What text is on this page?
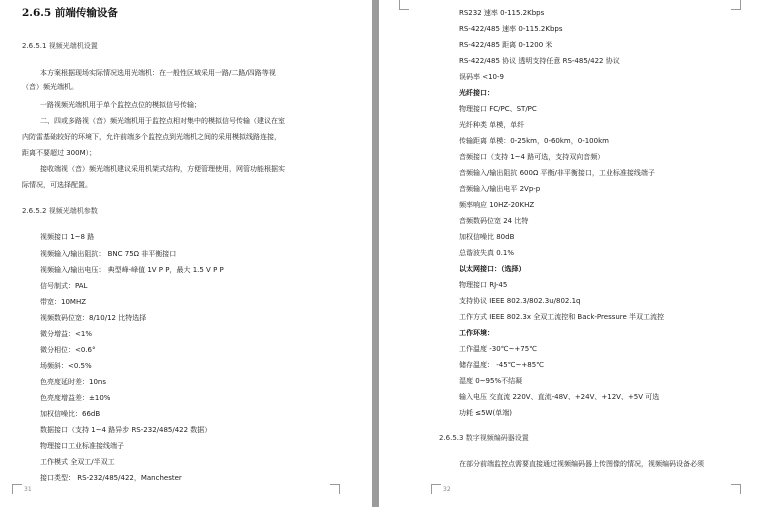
2.6.5 前端传输设备
2.6.5.1 视频光端机设置
本方案根据现场实际情况选用光端机：在一般性区域采用一路/二路/四路等视
（音）频光端机。
一路视频光端机用于单个监控点位的模拟信号传输；
二、四或多路视（音）频光端机用于监控点相对集中的模拟信号传输（建议在室
内防雷基础较好的环境下，允许前端多个监控点到光端机之间的采用模拟线路连接，
距离不要超过 300M）；
接收端视（音）频光端机建议采用机架式结构，方便管理使用，网管功能根据实
际情况，可选择配置。
2.6.5.2 视频光端机参数
视频接口 1~8 路
视频输入/输出阻抗： BNC 75Ω 非平衡接口
视频输入/输出电压： 典型峰-峰值 1V P P，最大 1.5 V P P
信号制式：PAL
带宽：10MHZ
视频数码位宽：8/10/12 比特选择
微分增益：<1%
微分相位：<0.6°
场频斜：<0.5%
色亮度延时差：10ns
色亮度增益差：±10%
加权信噪比：66dB
数据接口（支持 1~4 路异步 RS-232/485/422 数据）
物理接口工业标准接线端子
工作模式 全双工/半双工
接口类型： RS-232/485/422，Manchester
31
RS232 速率 0-115.2Kbps
RS-422/485 速率 0-115.2Kbps
RS-422/485 距离 0-1200 米
RS-422/485 协议 透明支持任意 RS-485/422 协议
误码率 <10-9
光纤接口：
物理接口 FC/PC、ST/PC
光纤种类 单模，单纤
传输距离 单模：0-25km，0-60km，0-100km
音频接口（支持 1~4 路可选，支持双向音频）
音频输入/输出阻抗 600Ω 平衡/非平衡接口，工业标准接线端子
音频输入/输出电平 2Vp-p
频率响应 10HZ-20KHZ
音频数码位宽 24 比特
加权信噪比 80dB
总谐波失真 0.1%
以太网接口：（选择）
物理接口 RJ-45
支持协议 IEEE 802.3/802.3u/802.1q
工作方式 IEEE 802.3x 全双工流控和 Back-Pressure 半双工流控
工作环境：
工作温度 -30℃~+75℃
储存温度： -45℃~+85℃
湿度 0~95%不结凝
输入电压 交直流 220V、直流-48V、+24V、+12V、+5V 可选
功耗 ≤5W(单端)
2.6.5.3 数字视频编码器设置
在部分前端监控点需要直接通过视频编码器上传图像的情况，视频编码设备必须
32
